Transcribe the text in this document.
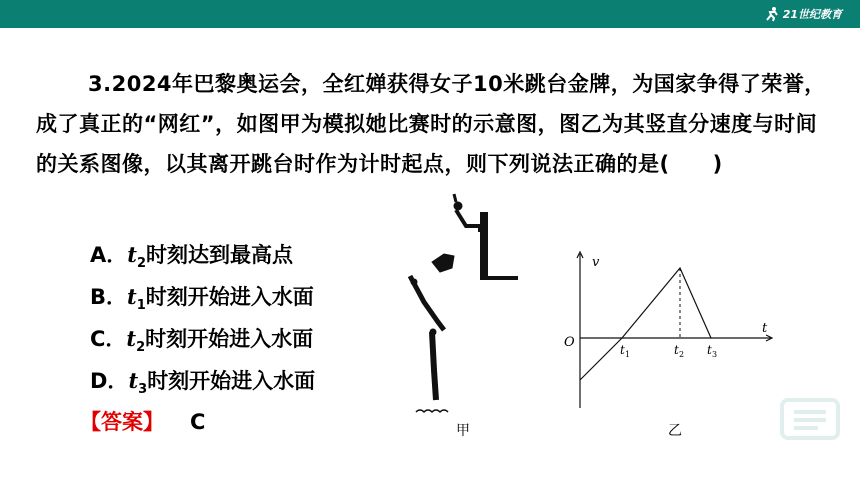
21世纪教育
3.2024年巴黎奥运会，全红婵获得女子10米跳台金牌，为国家争得了荣誉，成了真正的“网红”，如图甲为模拟她比赛时的示意图，图乙为其竖直分速度与时间的关系图像，以其离开跳台时作为计时起点，则下列说法正确的是(　　)
A．$t_2$时刻达到最高点
B．$t_1$时刻开始进入水面
C．$t_2$时刻开始进入水面
D．$t_3$时刻开始进入水面
【答案】 C	甲
v
t
O	t 1	t 2 t 3
乙
